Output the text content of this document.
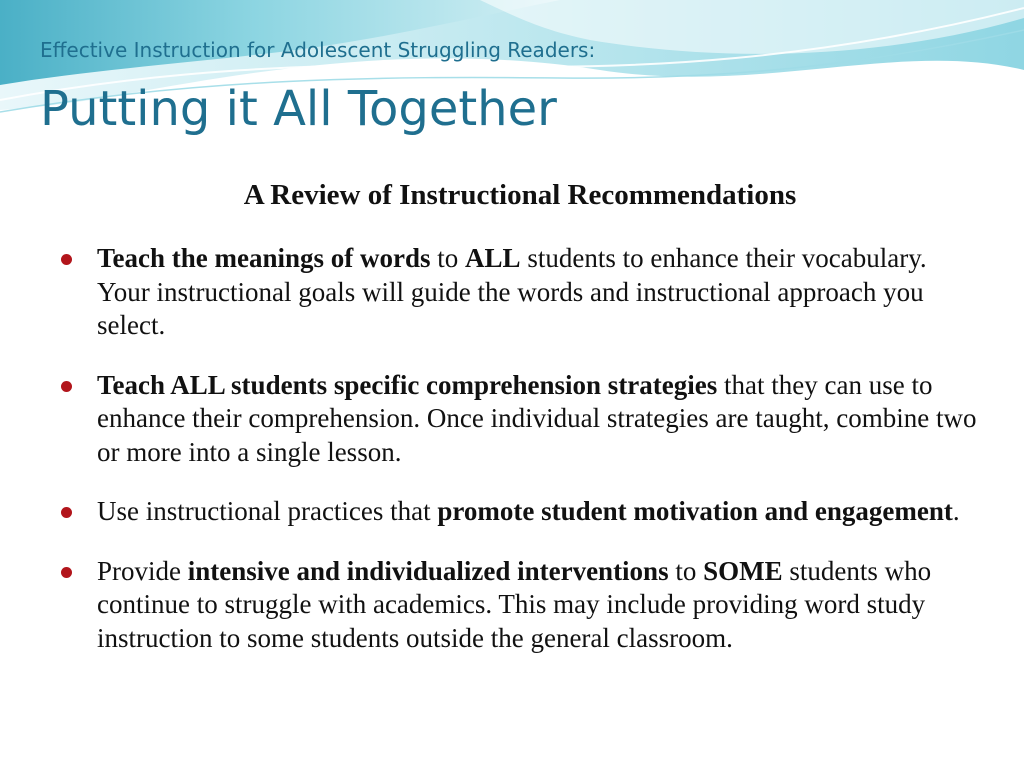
Effective Instruction for Adolescent Struggling Readers:
Putting it All Together
A Review of Instructional Recommendations
Teach the meanings of words to ALL students to enhance their vocabulary. Your instructional goals will guide the words and instructional approach you select.
Teach ALL students specific comprehension strategies that they can use to enhance their comprehension. Once individual strategies are taught, combine two or more into a single lesson.
Use instructional practices that promote student motivation and engagement.
Provide intensive and individualized interventions to SOME students who continue to struggle with academics. This may include providing word study instruction to some students outside the general classroom.
